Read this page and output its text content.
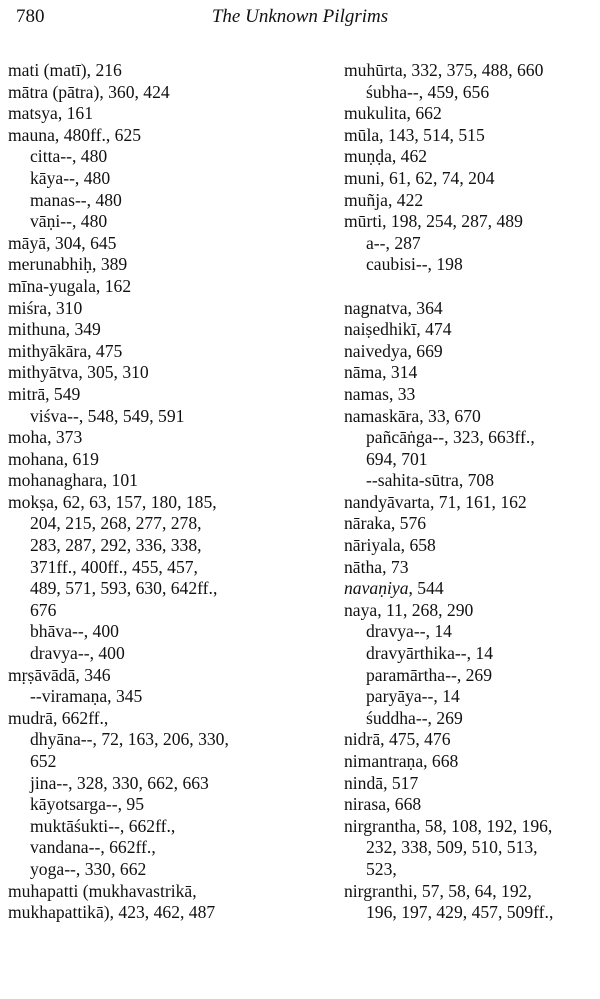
780	The Unknown Pilgrims
mati (matī), 216
mātra (pātra), 360, 424
matsya, 161
mauna, 480ff., 625
citta--, 480
kāya--, 480
manas--, 480
vāṇi--, 480
māyā, 304, 645
merunabhiḥ, 389
mīna-yugala, 162
miśra, 310
mithuna, 349
mithyākāra, 475
mithyātva, 305, 310
mitrā, 549
viśva--, 548, 549, 591
moha, 373
mohana, 619
mohanaghara, 101
mokṣa, 62, 63, 157, 180, 185,
204, 215, 268, 277, 278,
283, 287, 292, 336, 338,
371ff., 400ff., 455, 457,
489, 571, 593, 630, 642ff.,
676
bhāva--, 400
dravya--, 400
mṛṣāvādā, 346
--viramaṇa, 345
mudrā, 662ff.,
dhyāna--, 72, 163, 206, 330,
652
jina--, 328, 330, 662, 663
kāyotsarga--, 95
muktāśukti--, 662ff.,
vandana--, 662ff.,
yoga--, 330, 662
muhapatti (mukhavastrikā,
mukhapattikā), 423, 462, 487
muhūrta, 332, 375, 488, 660
śubha--, 459, 656
mukulita, 662
mūla, 143, 514, 515
muṇḍa, 462
muni, 61, 62, 74, 204
muñja, 422
mūrti, 198, 254, 287, 489
a--, 287
caubisi--, 198
nagnatva, 364
naiṣedhikī, 474
naivedya, 669
nāma, 314
namas, 33
namaskāra, 33, 670
pañcāṅga--, 323, 663ff.,
694, 701
--sahita-sūtra, 708
nandyāvarta, 71, 161, 162
nāraka, 576
nāriyala, 658
nātha, 73
navaṇiya, 544
naya, 11, 268, 290
dravya--, 14
dravyārthika--, 14
paramārtha--, 269
paryāya--, 14
śuddha--, 269
nidrā, 475, 476
nimantraṇa, 668
nindā, 517
nirasa, 668
nirgrantha, 58, 108, 192, 196,
232, 338, 509, 510, 513,
523,
nirgranthi, 57, 58, 64, 192,
196, 197, 429, 457, 509ff.,
